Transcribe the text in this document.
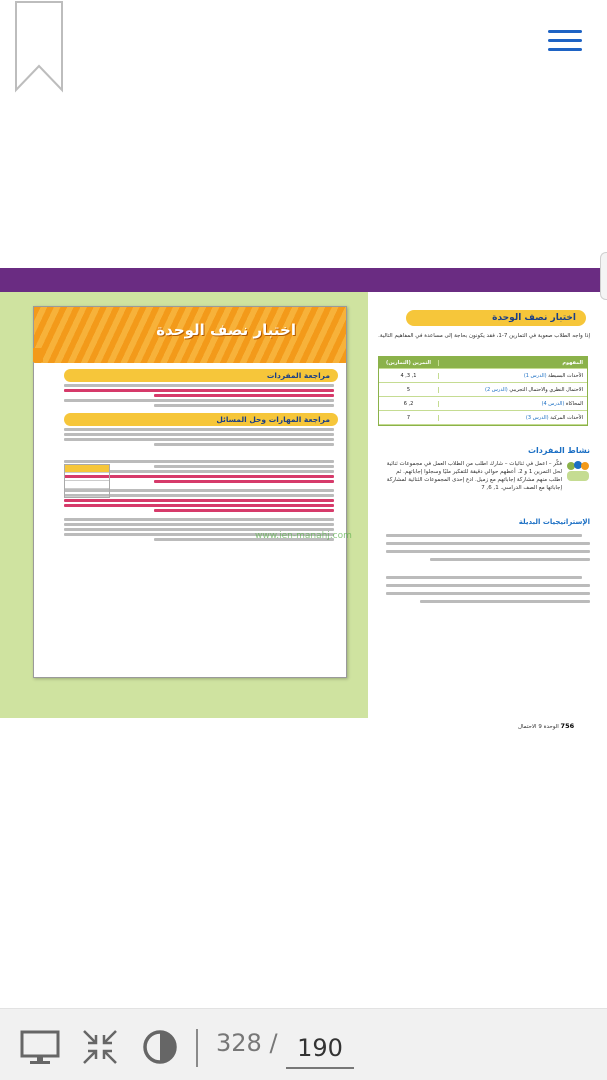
اختبار نصف الوحدة
مراجعة المفردات
مراجعة المهارات وحل المسائل
www.ien-manahj.com
اختبار نصف الوحدة
إذا واجه الطلاب صعوبة في التمارين 7-1، فقد يكونون بحاجة إلى مساعدة في المفاهيم التالية.
المفهوم
التمرين (التمارين)
الأحداث البسيطة (الدرس 1)
1, 3, 4
الاحتمال النظري والاحتمال التجريبي (الدرس 2)
5
المحاكاة (الدرس 4)
2, 6
الأحداث المركبة (الدرس 3)
7
نشاط المفردات
فكّر – اعمل في ثنائيات – شارك اطلب من الطلاب العمل في مجموعات ثنائية لحل التمرين 1 و 2. أعطهم حوالي دقيقة للتفكير مليًا وسجلوا إجاباتهم. ثم اطلب منهم مشاركة إجاباتهم مع زميل. ادع إحدى المجموعات الثنائية لمشاركة إجاباتها مع الصف الدراسي. 1, 6, 7
الإستراتيجيات البديلة
756 الوحدة 9 الاحتمال
328 /
190
